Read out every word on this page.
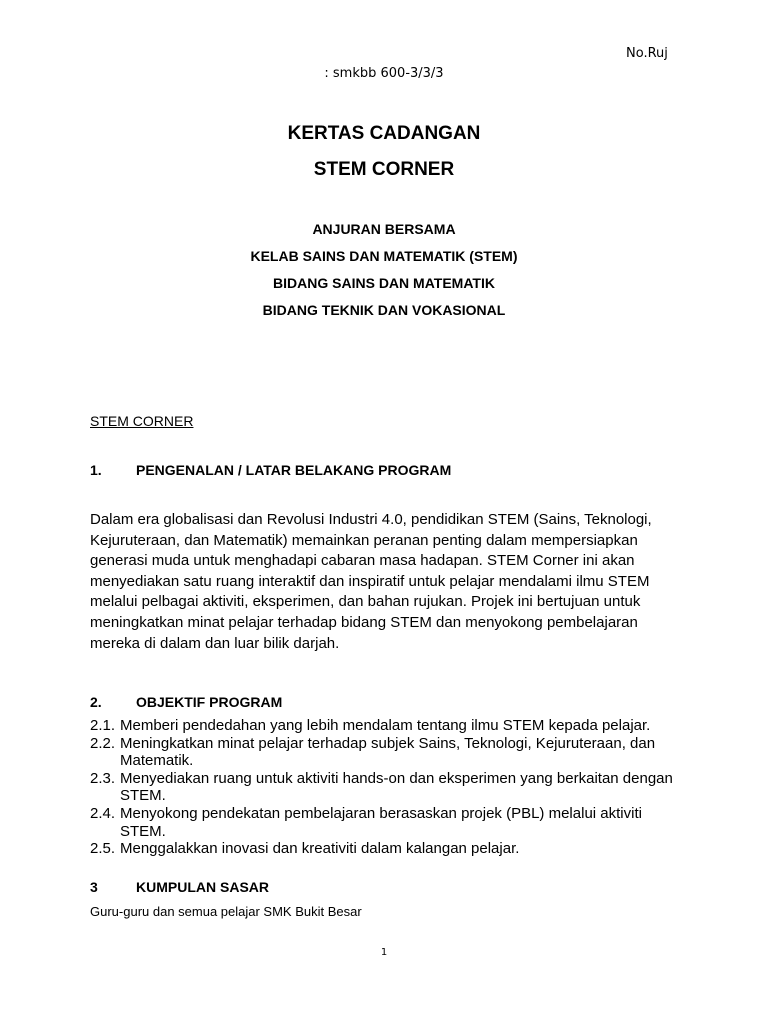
No.Ruj
: smkbb 600-3/3/3
KERTAS CADANGAN
STEM CORNER
ANJURAN BERSAMA
KELAB SAINS DAN MATEMATIK (STEM)
BIDANG SAINS DAN MATEMATIK
BIDANG TEKNIK DAN VOKASIONAL
STEM CORNER
1. PENGENALAN / LATAR BELAKANG PROGRAM

Dalam era globalisasi dan Revolusi Industri 4.0, pendidikan STEM (Sains, Teknologi, Kejuruteraan, dan Matematik) memainkan peranan penting dalam mempersiapkan generasi muda untuk menghadapi cabaran masa hadapan. STEM Corner ini akan menyediakan satu ruang interaktif dan inspiratif untuk pelajar mendalami ilmu STEM melalui pelbagai aktiviti, eksperimen, dan bahan rujukan. Projek ini bertujuan untuk meningkatkan minat pelajar terhadap bidang STEM dan menyokong pembelajaran mereka di dalam dan luar bilik darjah.

2. OBJEKTIF PROGRAM
2.1. Memberi pendedahan yang lebih mendalam tentang ilmu STEM kepada pelajar.
2.2. Meningkatkan minat pelajar terhadap subjek Sains, Teknologi, Kejuruteraan, dan Matematik.
2.3. Menyediakan ruang untuk aktiviti hands-on dan eksperimen yang berkaitan dengan STEM.
2.4. Menyokong pendekatan pembelajaran berasaskan projek (PBL) melalui aktiviti STEM.
2.5. Menggalakkan inovasi dan kreativiti dalam kalangan pelajar.
3	KUMPULAN SASAR
Guru-guru dan semua pelajar SMK Bukit Besar
1
